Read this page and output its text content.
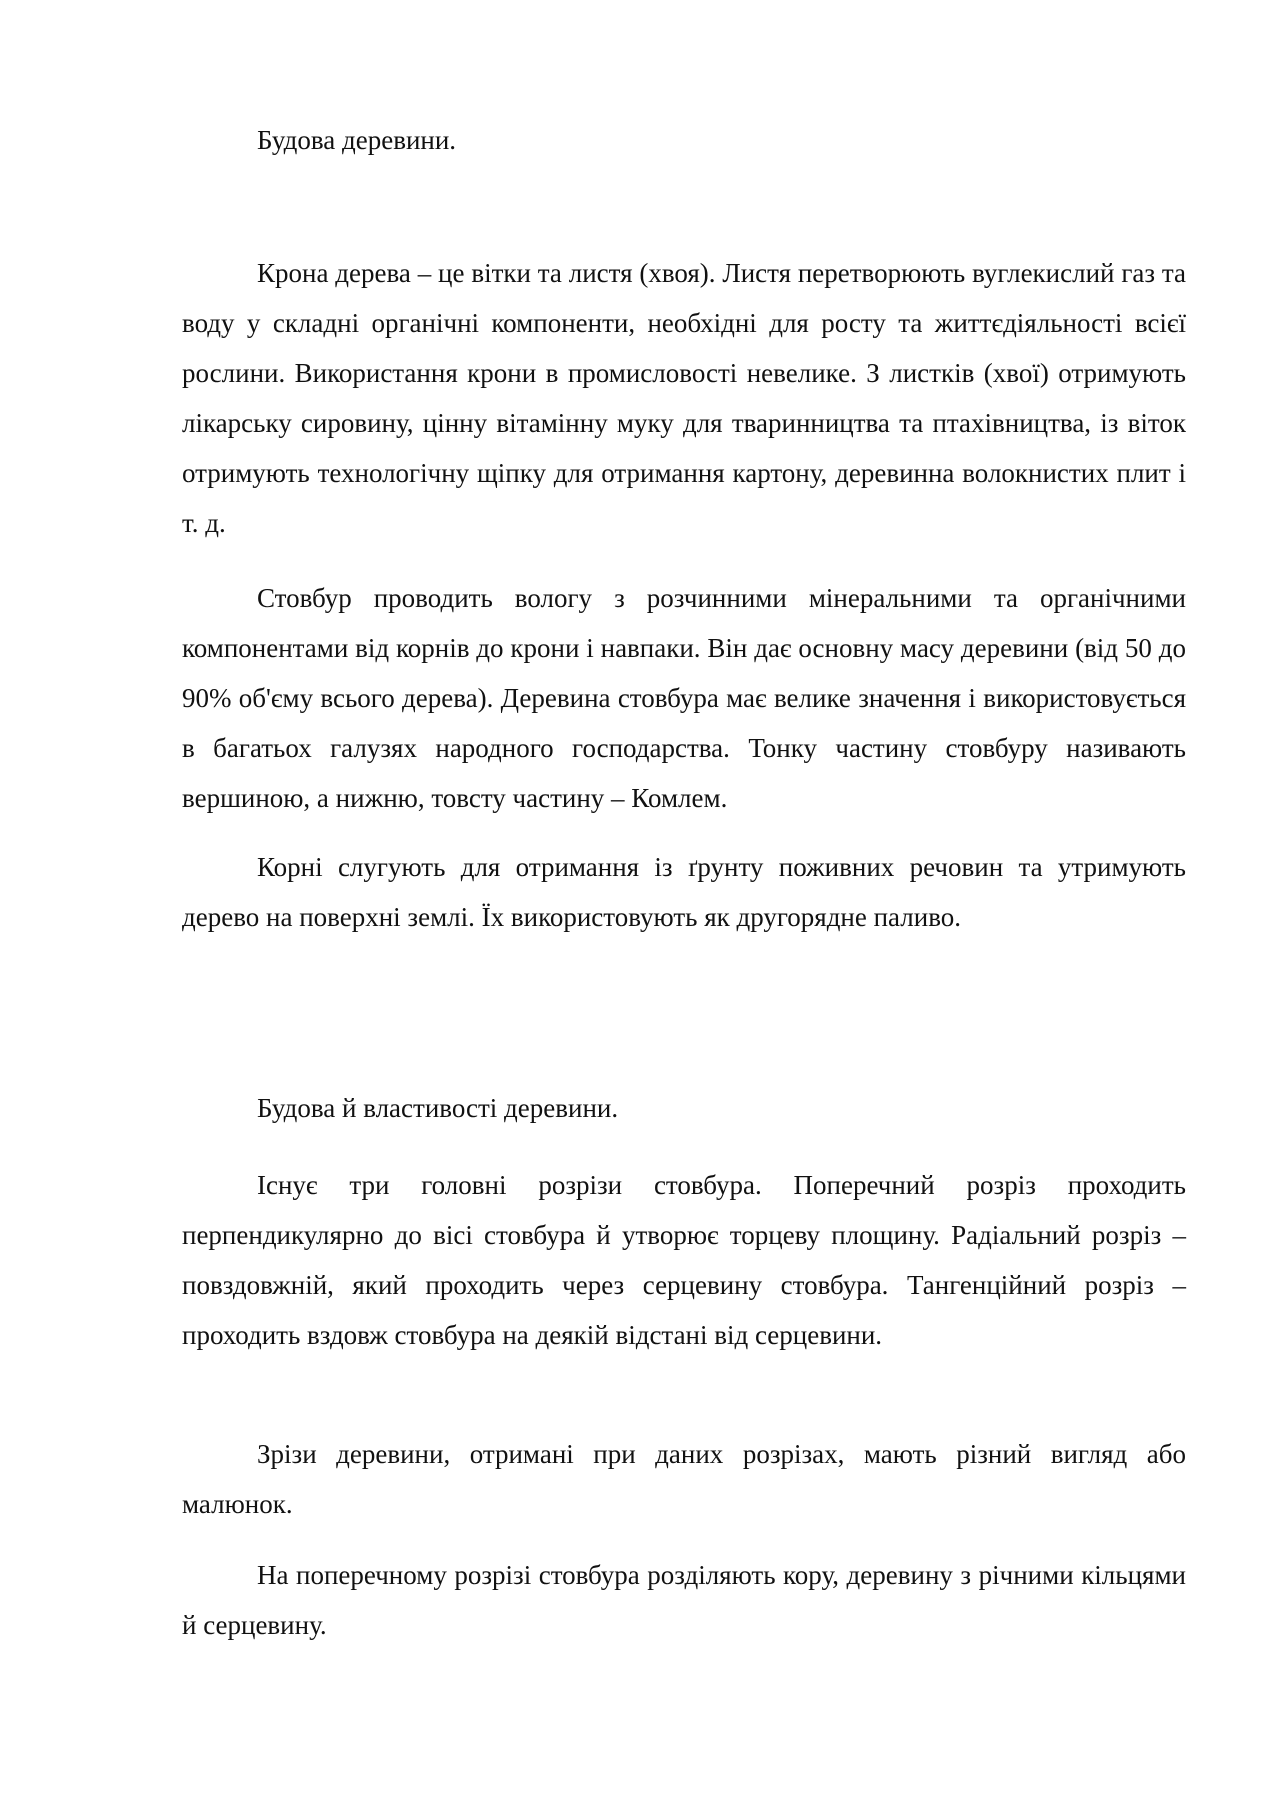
Будова деревини.

Крона дерева – це вітки та листя (хвоя). Листя перетворюють вуглекислий газ та воду у складні органічні компоненти, необхідні для росту та життєдіяльності всієї рослини. Використання крони в промисловості невелике. З листків (хвої) отримують лікарську сировину, цінну вітамінну муку для тваринництва та птахівництва, із віток отримують технологічну щіпку для отримання картону, деревинна волокнистих плит і т. д.

Стовбур проводить вологу з розчинними мінеральними та органічними компонентами від корнів до крони і навпаки. Він дає основну масу деревини (від 50 до 90% об'єму всього дерева). Деревина стовбура має велике значення і використовується в багатьох галузях народного господарства. Тонку частину стовбуру називають вершиною, а нижню, товсту частину – Комлем.

Корні слугують для отримання із ґрунту поживних речовин та утримують дерево на поверхні землі. Їх використовують як другорядне паливо.

Будова й властивості деревини.

Існує три головні розрізи стовбура. Поперечний розріз проходить перпендикулярно до вісі стовбура й утворює торцеву площину. Радіальний розріз – повздовжній, який проходить через серцевину стовбура. Тангенційний розріз – проходить вздовж стовбура на деякій відстані від серцевини.

Зрізи деревини, отримані при даних розрізах, мають різний вигляд або малюнок.

На поперечному розрізі стовбура розділяють кору, деревину з річними кільцями й серцевину.
